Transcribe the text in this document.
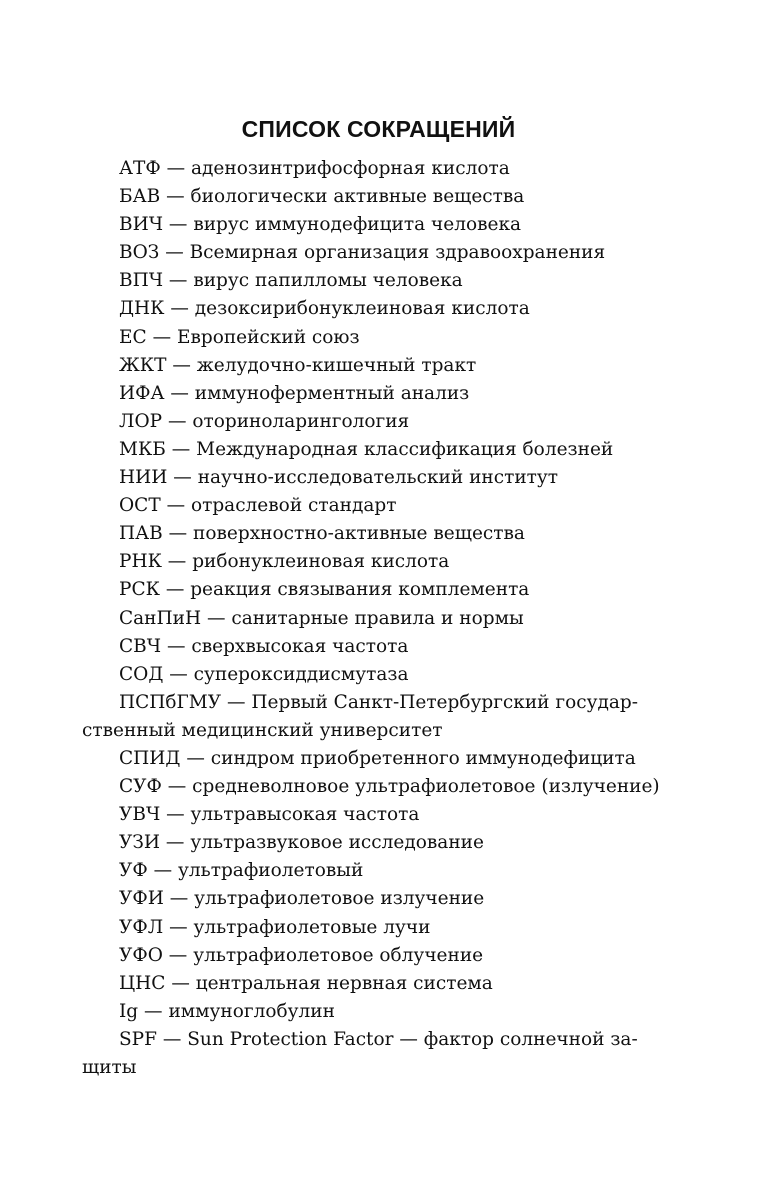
СПИСОК СОКРАЩЕНИЙ
АТФ — аденозинтрифосфорная кислота
БАВ — биологически активные вещества
ВИЧ — вирус иммунодефицита человека
ВОЗ — Всемирная организация здравоохранения
ВПЧ — вирус папилломы человека
ДНК — дезоксирибонуклеиновая кислота
ЕС — Европейский союз
ЖКТ — желудочно-кишечный тракт
ИФА — иммуноферментный анализ
ЛОР — оториноларингология
МКБ — Международная классификация болезней
НИИ — научно-исследовательский институт
ОСТ — отраслевой стандарт
ПАВ — поверхностно-активные вещества
РНК — рибонуклеиновая кислота
РСК — реакция связывания комплемента
СанПиН — санитарные правила и нормы
СВЧ — сверхвысокая частота
СОД — супероксиддисмутаза
ПСПбГМУ — Первый Санкт-Петербургский государ-
ственный медицинский университет
СПИД — синдром приобретенного иммунодефицита
СУФ — средневолновое ультрафиолетовое (излучение)
УВЧ — ультравысокая частота
УЗИ — ультразвуковое исследование
УФ — ультрафиолетовый
УФИ — ультрафиолетовое излучение
УФЛ — ультрафиолетовые лучи
УФО — ультрафиолетовое облучение
ЦНС — центральная нервная система
Ig — иммуноглобулин
SPF — Sun Protection Factor — фактор солнечной за-
щиты
